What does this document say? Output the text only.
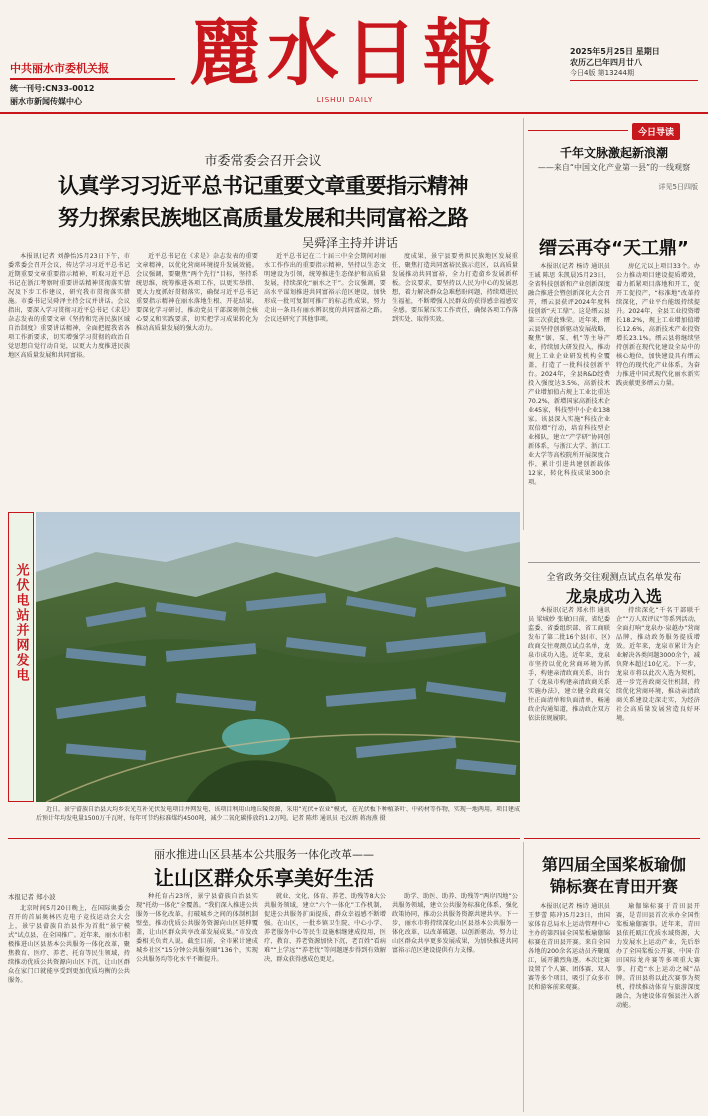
中共丽水市委机关报
统一刊号:CN33-0012
丽水市新闻传媒中心
麗水日報
LISHUI DAILY
2025年5月25日 星期日
农历乙巳年四月廿八
今日4版 第13244期
今日导读
千年文脉激起新浪潮
——来自“中国文化产业第一县”的一线观察
详见5日四版
市委常委会召开会议
认真学习习近平总书记重要文章重要指示精神
努力探索民族地区高质量发展和共同富裕之路
吴舜泽主持并讲话

本报讯(记者 刘静怡)5月23日下午，市委常委会召开会议，传达学习习近平总书记近期重要文章重要指示精神，听取习近平总书记在浙江考察时重要讲话精神贯彻落实情况及下步工作建议，研究我市贯彻落实措施。市委书记吴舜泽主持会议并讲话。会议指出，要深入学习贯彻习近平总书记《求是》杂志发表的重要文章《坚持和完善民族区域自治制度》重要讲话精神，全面把握我省各项工作新要求，切实增强学习贯彻的政治自觉思想自觉行动自觉，以更大力度推进民族地区高质量发展和共同富裕。

近平总书记在《求是》杂志发表的重要文章精神，以优化营商环境提升发展效能。会议强调，要聚焦“两个先行”目标，坚持系统思维，统筹推进各项工作，以更实举措、更大力度抓好贯彻落实，确保习近平总书记重要指示精神在丽水落地生根、开花结果。要深化学习研讨，推动党员干部深刻领会核心要义和实践要求，切实把学习成果转化为推动高质量发展的强大动力。

近平总书记在二十届三中全会期间对丽水工作作出的重要指示精神，坚持以生态文明建设为引领，统筹推进生态保护和高质量发展，持续深化“丽水之干”。会议强调，要高水平谋划推进共同富裕示范区建设，加快形成一批可复制可推广的标志性成果，努力走出一条具有丽水辨识度的共同富裕之路。会议还研究了其他事项。

度成果，景宁县要勇担民族地区发展重任，聚焦打造共同富裕民族示范区，以高质量发展推动共同富裕，全力打造畲乡发展新样板。会议要求，要坚持以人民为中心的发展思想，着力解决群众急难愁盼问题，持续增进民生福祉，不断增强人民群众的获得感幸福感安全感。要压紧压实工作责任，确保各项工作落到实处、取得实效。

光伏电站并网发电
近日，景宁畲族自治县大均乡农光互补光伏发电项目并网发电，该项目利用山地丘陵资源，采用“光伏+农业”模式，在光伏板下种植茶叶、中药材等作物，实现一地两用。项目建成后预计年均发电量1500万千瓦时，每年可节约标准煤约4500吨，减少二氧化碳排放约1.2万吨。记者 陈炜 通讯员 毛汉炳 蒋海燕 摄
缙云再夺“天工鼎”

本报讯(记者 杨诗 通讯员 王诚 陈思 朱凯晨)5月23日，全省科技创新和产业创新深度融合推进会暨创新深化大会召开，缙云县获评2024年度科技创新“天工鼎”。这是缙云县第三次获此殊荣。近年来，缙云县坚持创新驱动发展战略，聚焦“锯、泵、机”等主导产业，持续加大研发投入，推动规上工业企业研发机构全覆盖，打造了一批科技创新平台。2024年，全县R&D经费投入强度达3.5%，高新技术产业增加值占规上工业比重达70.2%，新增国家高新技术企业45家，科技型中小企业138家。该县深入实施“科技企业双倍增”行动，培育科技型企业梯队，建立“产学研”协同创新体系，与浙江大学、浙江工业大学等高校院所开展深度合作，累计引进共建创新载体12家，转化科技成果300余项。

房亿元以上项目33个。办公力推动项目建设提质增效，着力抓紧项目落地和开工，促开工促投产，“标准地”改革持续深化，产业平台能级持续提升。2024年，全县工业投资增长18.2%，规上工业增加值增长12.6%，高新技术产业投资增长23.1%。缙云县将继续坚持创新在现代化建设全局中的核心地位，加快建设具有缙云特色的现代化产业体系，为奋力推进中国式现代化丽水新实践贡献更多缙云力量。

全省政务交往观测点试点名单发布
龙泉成功入选

本报讯(记者 郑永伟 通讯员 梁城妙 张敏)日前，省纪委监委、省委组织部、省工商联发布了第二批16个县(市、区)政商交往观测点试点名单，龙泉市成功入选。近年来，龙泉市坚持以优化营商环境为抓手，构建亲清政商关系，出台了《龙泉市构建亲清政商关系实施办法》，建立健全政商交往正面清单和负面清单，畅通政企沟通渠道，推动政企双方依法依规履职。

持续深化“千名干部联千企”“万人双评议”等系列活动，全面打响“龙泉办·泉越办”营商品牌，推动政务服务提质增效。近年来，龙泉市累计为企业解决各类问题3000余个，减负降本超过10亿元。下一步，龙泉市将以此次入选为契机，进一步完善政商交往机制，持续优化营商环境，推动亲清政商关系建设走深走实，为经济社会高质量发展营造良好环境。

丽水推进山区县基本公共服务一体化改革——
让山区群众乐享美好生活
本报记者 郑小波

北京时间5月20日晚上，在国际奥委会召开的首届奥林匹克电子竞技运动会大会上，景宁县畲族自治县作为首批“景宁模式”试点县，在全国推广。近年来，丽水市积极推进山区县基本公共服务一体化改革，聚焦教育、医疗、养老、托育等民生领域，持续推动优质公共资源向山区下沉，让山区群众在家门口就能享受到更加优质均衡的公共服务。

种托育占23所，景宁县畲族自治县实现“托幼一体化”全覆盖。“我们深入推进公共服务一体化改革，打破城乡之间的体制机制壁垒，推动优质公共服务资源向山区延伸覆盖，让山区群众共享改革发展成果。”市发改委相关负责人说。截至目前，全市累计建成城乡社区“15分钟公共服务圈”136个，实现公共服务均等化水平不断提升。

就业、文化、体育、养老、助残等8大公共服务领域，建立“六个一体化”工作机制，促进公共服务扩面提质，群众幸福感不断增强。在山区，一批乡镇卫生院、中心小学、养老服务中心等民生设施相继建成投用，医疗、教育、养老资源加快下沉，老百姓“看病难”“上学远”“养老忧”等问题逐步得到有效解决，群众获得感成色更足。

助学、助医、助养、助残等“两岸四地”公共服务领域，建立公共服务标准化体系，强化政策协同，推动公共服务资源共建共享。下一步，丽水市将持续深化山区县基本公共服务一体化改革，以改革破题、以创新驱动，努力让山区群众共享更多发展成果，为加快推进共同富裕示范区建设提供有力支撑。

第四届全国桨板瑜伽
锦标赛在青田开赛

本报讯(记者 杨诗 通讯员 王梦蕾 陈冲)5月23日，由国家体育总局水上运动管理中心主办的第四届全国桨板瑜伽锦标赛在青田县开赛。来自全国各地的200余名运动员齐聚瓯江，展开激烈角逐。本次比赛设置了个人赛、团体赛、双人赛等多个项目，吸引了众多市民和游客前来观赛。

瑜伽锦标赛于青田县开赛，是青田县首次承办全国性桨板瑜伽赛事。近年来，青田县依托瓯江优质水域资源，大力发展水上运动产业，先后举办了全国桨板公开赛、中国·青田国际龙舟赛等多项重大赛事，打造“水上运动之城”品牌。青田县将以此次赛事为契机，持续推动体育与旅游深度融合，为建设体育强县注入新动能。
